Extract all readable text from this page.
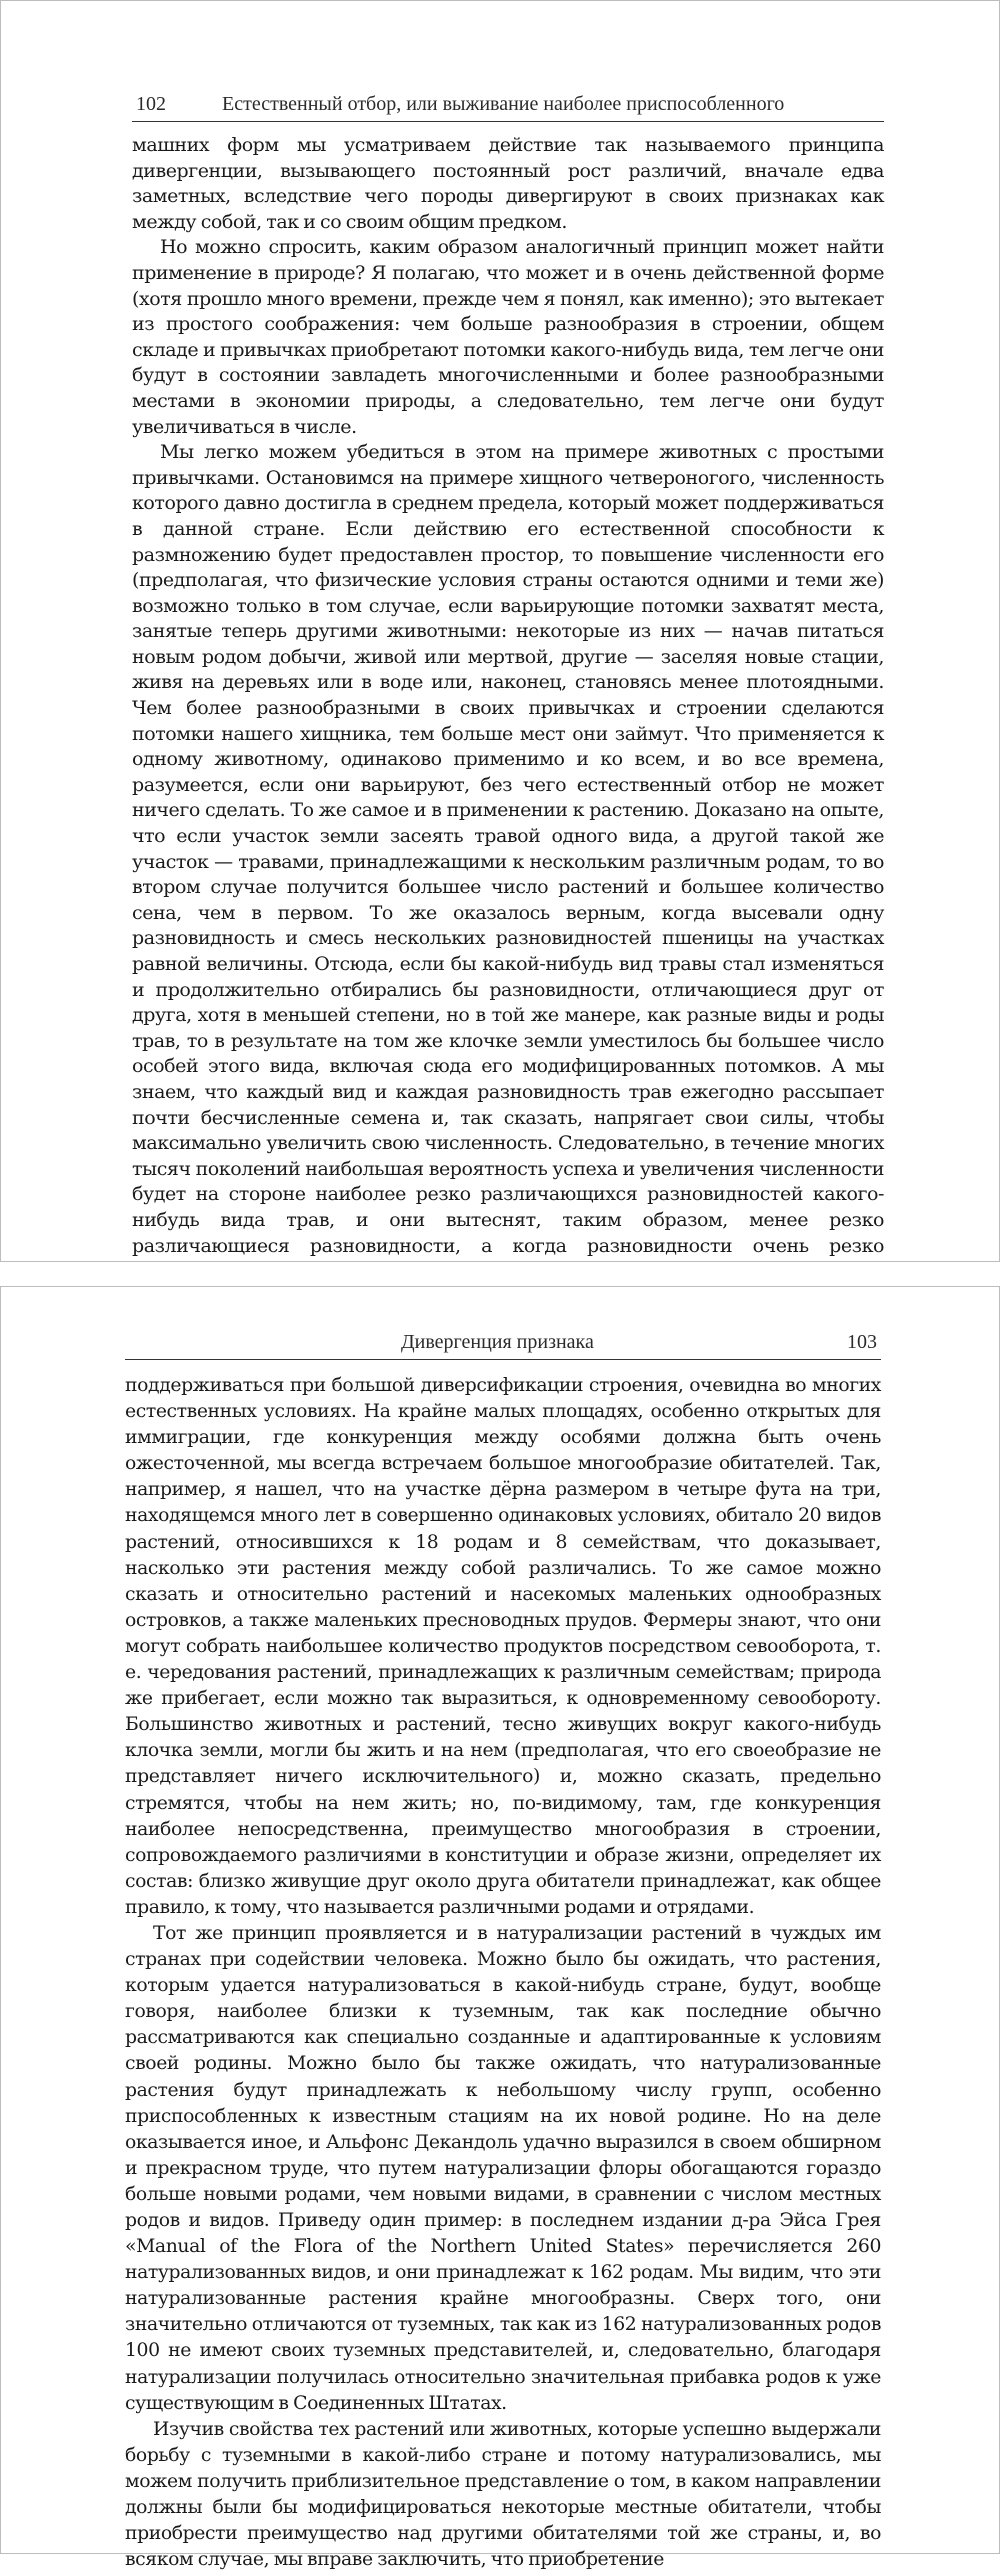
102	Естественный отбор, или выживание наиболее приспособленного

машних форм мы усматриваем действие так называемого принципа дивергенции, вызывающего постоянный рост различий, вначале едва заметных, вследствие чего породы дивергируют в своих признаках как между собой, так и со своим общим предком.

Но можно спросить, каким образом аналогичный принцип может найти применение в природе? Я полагаю, что может и в очень действенной форме (хотя прошло много времени, прежде чем я понял, как именно); это вытекает из простого соображения: чем больше разнообразия в строении, общем складе и привычках приобретают потомки какого-нибудь вида, тем легче они будут в состоянии завладеть многочисленными и более разнообразными местами в экономии природы, а следовательно, тем легче они будут увеличиваться в числе.

Мы легко можем убедиться в этом на примере животных с простыми привычками. Остановимся на примере хищного четвероногого, численность которого давно достигла в среднем предела, который может поддерживаться в данной стране. Если действию его естественной способности к размножению будет предоставлен простор, то повышение численности его (предполагая, что физические условия страны остаются одними и теми же) возможно только в том случае, если варьирующие потомки захватят места, занятые теперь другими животными: некоторые из них — начав питаться новым родом добычи, живой или мертвой, другие — заселяя новые стации, живя на деревьях или в воде или, наконец, становясь менее плотоядными. Чем более разнообразными в своих привычках и строении сделаются потомки нашего хищника, тем больше мест они займут. Что применяется к одному животному, одинаково применимо и ко всем, и во все времена, разумеется, если они варьируют, без чего естественный отбор не может ничего сделать. То же самое и в применении к растению. Доказано на опыте, что если участок земли засеять травой одного вида, а другой такой же участок — травами, принадлежащими к нескольким различным родам, то во втором случае получится большее число растений и большее количество сена, чем в первом. То же оказалось верным, когда высевали одну разновидность и смесь нескольких разновидностей пшеницы на участках равной величины. Отсюда, если бы какой-нибудь вид травы стал изменяться и продолжительно отбирались бы разновидности, отличающиеся друг от друга, хотя в меньшей степени, но в той же манере, как разные виды и роды трав, то в результате на том же клочке земли уместилось бы большее число особей этого вида, включая сюда его модифицированных потомков. А мы знаем, что каждый вид и каждая разновидность трав ежегодно рассыпает почти бесчисленные семена и, так сказать, напрягает свои силы, чтобы максимально увеличить свою численность. Следовательно, в течение многих тысяч поколений наибольшая вероятность успеха и увеличения численности будет на стороне наиболее резко различающихся разновидностей какого-нибудь вида трав, и они вытеснят, таким образом, менее резко различающиеся разновидности, а когда разновидности очень резко

Дивергенция признака	103

поддерживаться при большой диверсификации строения, очевидна во многих естественных условиях. На крайне малых площадях, особенно открытых для иммиграции, где конкуренция между особями должна быть очень ожесточенной, мы всегда встречаем большое многообразие обитателей. Так, например, я нашел, что на участке дёрна размером в четыре фута на три, находящемся много лет в совершенно одинаковых условиях, обитало 20 видов растений, относившихся к 18 родам и 8 семействам, что доказывает, насколько эти растения между собой различались. То же самое можно сказать и относительно растений и насекомых маленьких однообразных островков, а также маленьких пресноводных прудов. Фермеры знают, что они могут собрать наибольшее количество продуктов посредством севооборота, т. е. чередования растений, принадлежащих к различным семействам; природа же прибегает, если можно так выразиться, к одновременному севообороту. Большинство животных и растений, тесно живущих вокруг какого-нибудь клочка земли, могли бы жить и на нем (предполагая, что его своеобразие не представляет ничего исключительного) и, можно сказать, предельно стремятся, чтобы на нем жить; но, по-видимому, там, где конкуренция наиболее непосредственна, преимущество многообразия в строении, сопровождаемого различиями в конституции и образе жизни, определяет их состав: близко живущие друг около друга обитатели принадлежат, как общее правило, к тому, что называется различными родами и отрядами.

Тот же принцип проявляется и в натурализации растений в чуждых им странах при содействии человека. Можно было бы ожидать, что растения, которым удается натурализоваться в какой-нибудь стране, будут, вообще говоря, наиболее близки к туземным, так как последние обычно рассматриваются как специально созданные и адаптированные к условиям своей родины. Можно было бы также ожидать, что натурализованные растения будут принадлежать к небольшому числу групп, особенно приспособленных к известным стациям на их новой родине. Но на деле оказывается иное, и Альфонс Декандоль удачно выразился в своем обширном и прекрасном труде, что путем натурализации флоры обогащаются гораздо больше новыми родами, чем новыми видами, в сравнении с числом местных родов и видов. Приведу один пример: в последнем издании д-ра Эйса Грея «Manual of the Flora of the Northern United States» перечисляется 260 натурализованных видов, и они принадлежат к 162 родам. Мы видим, что эти натурализованные растения крайне многообразны. Сверх того, они значительно отличаются от туземных, так как из 162 натурализованных родов 100 не имеют своих туземных представителей, и, следовательно, благодаря натурализации получилась относительно значительная прибавка родов к уже существующим в Соединенных Штатах.

Изучив свойства тех растений или животных, которые успешно выдержали борьбу с туземными в какой-либо стране и потому натурализовались, мы можем получить приблизительное представление о том, в каком направлении должны были бы модифицироваться некоторые местные обитатели, чтобы приобрести преимущество над другими обитателями той же страны, и, во всяком случае, мы вправе заключить, что приобретение
